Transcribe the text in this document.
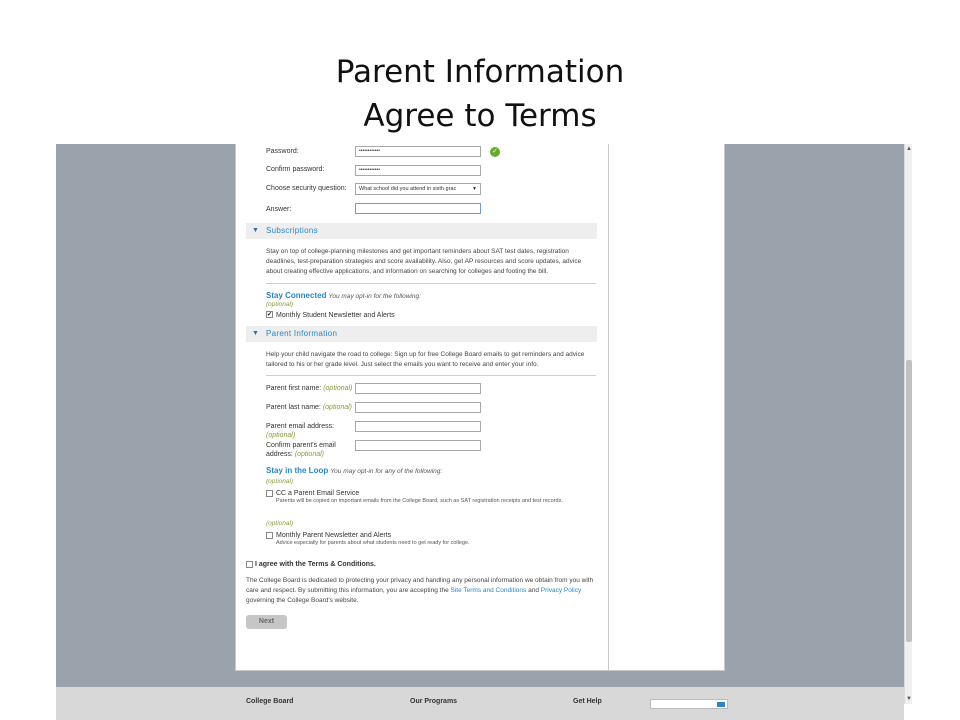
Parent Information
Agree to Terms
Password:	••••••••••••	✓
Confirm password:	••••••••••••
Choose security question:	What school did you attend in sixth grac	▼
Answer:
▼ Subscriptions
Stay on top of college-planning milestones and get important reminders about SAT test dates, registration deadlines, test-preparation strategies and score availability. Also, get AP resources and score updates, advice about creating effective applications, and information on searching for colleges and footing the bill.
Stay Connected You may opt-in for the following:
(optional)
✔ Monthly Student Newsletter and Alerts
▼ Parent Information
Help your child navigate the road to college: Sign up for free College Board emails to get reminders and advice tailored to his or her grade level. Just select the emails you want to receive and enter your info.
Parent first name: (optional)
Parent last name: (optional)
Parent email address:
(optional)
Confirm parent's email
address: (optional)
Stay in the Loop You may opt-in for any of the following:
(optional)
CC a Parent Email Service
Parents will be copied on important emails from the College Board, such as SAT registration receipts and test records.
(optional)
Monthly Parent Newsletter and Alerts
Advice especially for parents about what students need to get ready for college.
I agree with the Terms & Conditions.
The College Board is dedicated to protecting your privacy and handling any personal information we obtain from you with care and respect. By submitting this information, you are accepting the Site Terms and Conditions and Privacy Policy governing the College Board's website.
Next
College Board	Our Programs	Get Help
▲
▼
